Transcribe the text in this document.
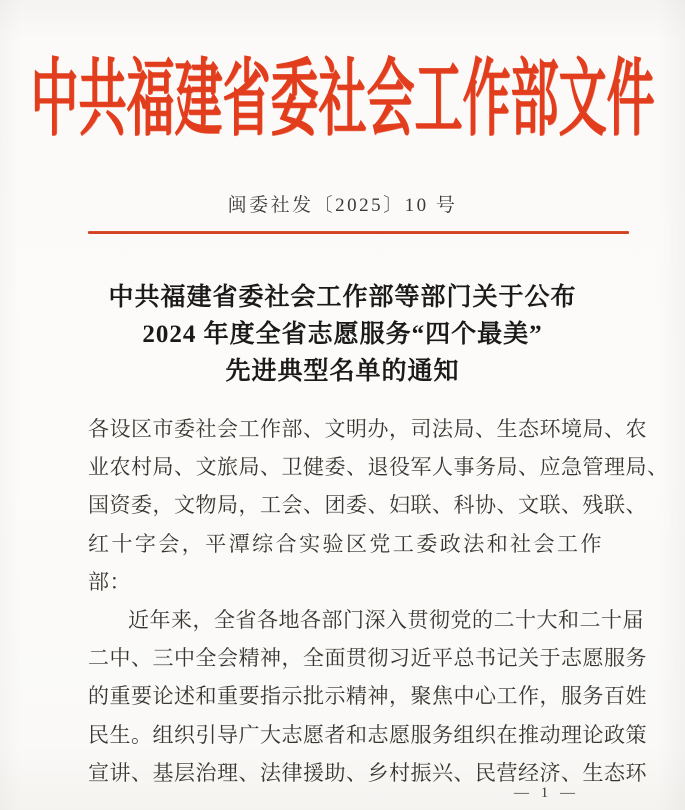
中共福建省委社会工作部文件
闽委社发〔2025〕10 号
中共福建省委社会工作部等部门关于公布
2024 年度全省志愿服务“四个最美”
先进典型名单的通知
各设区市委社会工作部、文明办，司法局、生态环境局、农
业农村局、文旅局、卫健委、退役军人事务局、应急管理局、
国资委，文物局，工会、团委、妇联、科协、文联、残联、
红十字会，平潭综合实验区党工委政法和社会工作部：
近年来，全省各地各部门深入贯彻党的二十大和二十届
二中、三中全会精神，全面贯彻习近平总书记关于志愿服务
的重要论述和重要指示批示精神，聚焦中心工作，服务百姓
民生。组织引导广大志愿者和志愿服务组织在推动理论政策
宣讲、基层治理、法律援助、乡村振兴、民营经济、生态环
— 1 —
